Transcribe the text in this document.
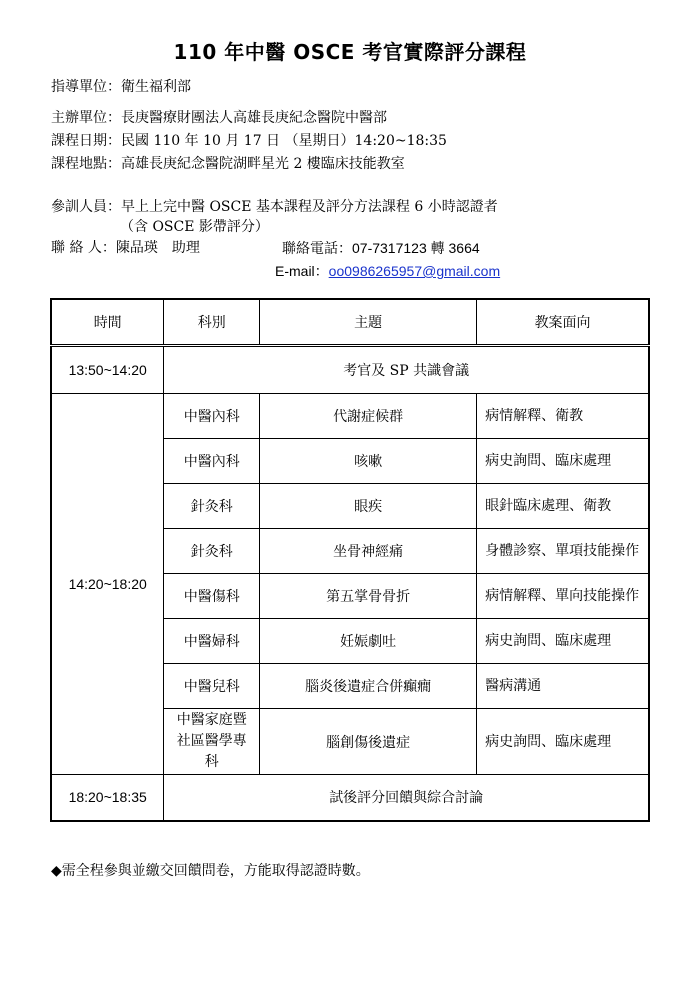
110 年中醫 OSCE 考官實際評分課程
指導單位：衛生福利部
主辦單位：長庚醫療財團法人高雄長庚紀念醫院中醫部
課程日期：民國 110 年 10 月 17 日 （星期日）14:20~18:35
課程地點：高雄長庚紀念醫院湖畔星光 2 樓臨床技能教室
參訓人員：早上上完中醫 OSCE 基本課程及評分方法課程 6 小時認證者
（含 OSCE 影帶評分）
聯 絡 人：陳品瑛　助理	聯絡電話：07-7317123 轉 3664
E-mail：oo0986265957@gmail.com
時間	科別	主題	教案面向
13:50~14:20	考官及 SP 共識會議		
14:20~18:20	中醫內科	代謝症候群	病情解釋、衛教
	中醫內科	咳嗽	病史詢問、臨床處理
	針灸科	眼疾	眼針臨床處理、衛教
	針灸科	坐骨神經痛	身體診察、單項技能操作
	中醫傷科	第五掌骨骨折	病情解釋、單向技能操作
	中醫婦科	妊娠劇吐	病史詢問、臨床處理
	中醫兒科	腦炎後遺症合併癲癇	醫病溝通
	中醫家庭暨社區醫學專科	腦創傷後遺症	病史詢問、臨床處理
18:20~18:35	試後評分回饋與綜合討論		
◆需全程參與並繳交回饋問卷，方能取得認證時數。
